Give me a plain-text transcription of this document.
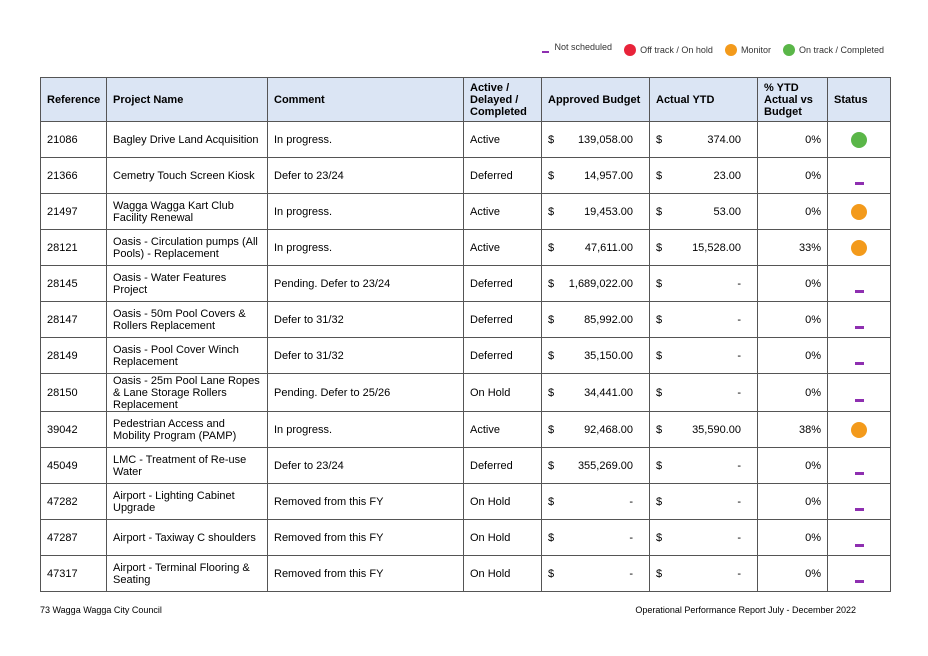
Not scheduled	Off track / On hold	Monitor	On track / Completed
Reference	Project Name	Comment	Active / Delayed / Completed	Approved Budget	Actual YTD	% YTD Actual vs Budget	Status
21086	Bagley Drive Land Acquisition	In progress.	Active	$ 139,058.00	$ 374.00	0%	
21366	Cemetry Touch Screen Kiosk	Defer to 23/24	Deferred	$ 14,957.00	$ 23.00	0%	
21497	Wagga Wagga Kart Club Facility Renewal	In progress.	Active	$ 19,453.00	$ 53.00	0%	
28121	Oasis - Circulation pumps (All Pools) - Replacement	In progress.	Active	$ 47,611.00	$ 15,528.00	33%	
28145	Oasis - Water Features Project	Pending. Defer to 23/24	Deferred	$ 1,689,022.00	$ -	0%	
28147	Oasis - 50m Pool Covers & Rollers Replacement	Defer to 31/32	Deferred	$ 85,992.00	$ -	0%	
28149	Oasis - Pool Cover Winch Replacement	Defer to 31/32	Deferred	$ 35,150.00	$ -	0%	
28150	Oasis - 25m Pool Lane Ropes & Lane Storage Rollers Replacement	Pending. Defer to 25/26	On Hold	$ 34,441.00	$ -	0%	
39042	Pedestrian Access and Mobility Program (PAMP)	In progress.	Active	$ 92,468.00	$ 35,590.00	38%	
45049	LMC - Treatment of Re-use Water	Defer to 23/24	Deferred	$ 355,269.00	$ -	0%	
47282	Airport - Lighting Cabinet Upgrade	Removed from this FY	On Hold	$ -	$ -	0%	
47287	Airport - Taxiway C shoulders	Removed from this FY	On Hold	$ -	$ -	0%	
47317	Airport - Terminal Flooring & Seating	Removed from this FY	On Hold	$ -	$ -	0%	
73 Wagga Wagga City Council	Operational Performance Report July - December 2022
